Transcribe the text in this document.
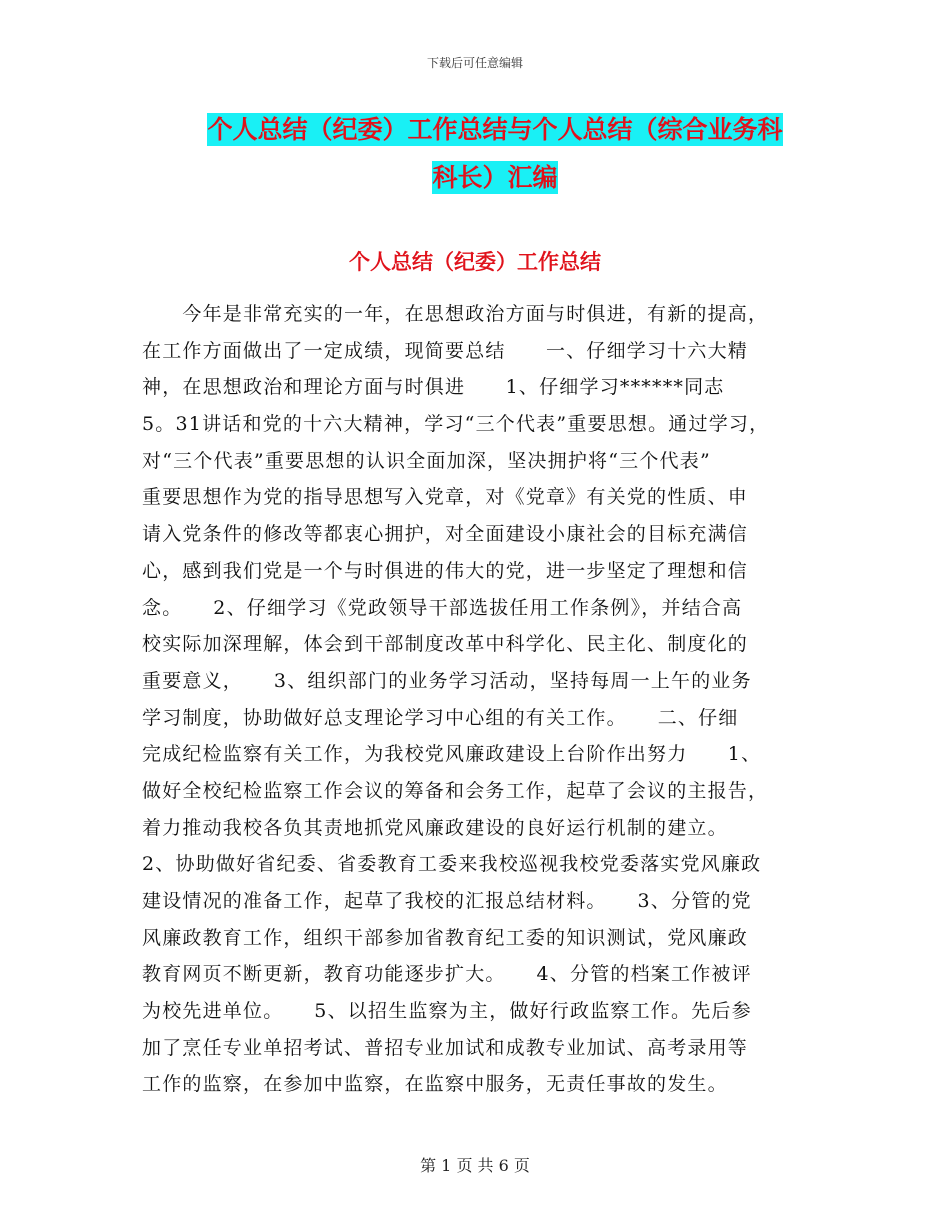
下载后可任意编辑
个人总结（纪委）工作总结与个人总结（综合业务科
科长）汇编
个人总结（纪委）工作总结
　　今年是非常充实的一年，在思想政治方面与时俱进，有新的提高，
在工作方面做出了一定成绩，现简要总结　　一、仔细学习十六大精
神，在思想政治和理论方面与时俱进　　1、仔细学习******同志
5。31讲话和党的十六大精神，学习“三个代表”重要思想。通过学习，
对“三个代表”重要思想的认识全面加深，坚决拥护将“三个代表”
重要思想作为党的指导思想写入党章，对《党章》有关党的性质、申
请入党条件的修改等都衷心拥护，对全面建设小康社会的目标充满信
心，感到我们党是一个与时俱进的伟大的党，进一步坚定了理想和信
念。　　2、仔细学习《党政领导干部选拔任用工作条例》，并结合高
校实际加深理解，体会到干部制度改革中科学化、民主化、制度化的
重要意义，　　3、组织部门的业务学习活动，坚持每周一上午的业务
学习制度，协助做好总支理论学习中心组的有关工作。　　二、仔细
完成纪检监察有关工作，为我校党风廉政建设上台阶作出努力　　1、
做好全校纪检监察工作会议的筹备和会务工作，起草了会议的主报告，
着力推动我校各负其责地抓党风廉政建设的良好运行机制的建立。
2、协助做好省纪委、省委教育工委来我校巡视我校党委落实党风廉政
建设情况的准备工作，起草了我校的汇报总结材料。　　3、分管的党
风廉政教育工作，组织干部参加省教育纪工委的知识测试，党风廉政
教育网页不断更新，教育功能逐步扩大。　　4、分管的档案工作被评
为校先进单位。　　5、以招生监察为主，做好行政监察工作。先后参
加了烹任专业单招考试、普招专业加试和成教专业加试、高考录用等
工作的监察，在参加中监察，在监察中服务，无责任事故的发生。
第 1 页 共 6 页
